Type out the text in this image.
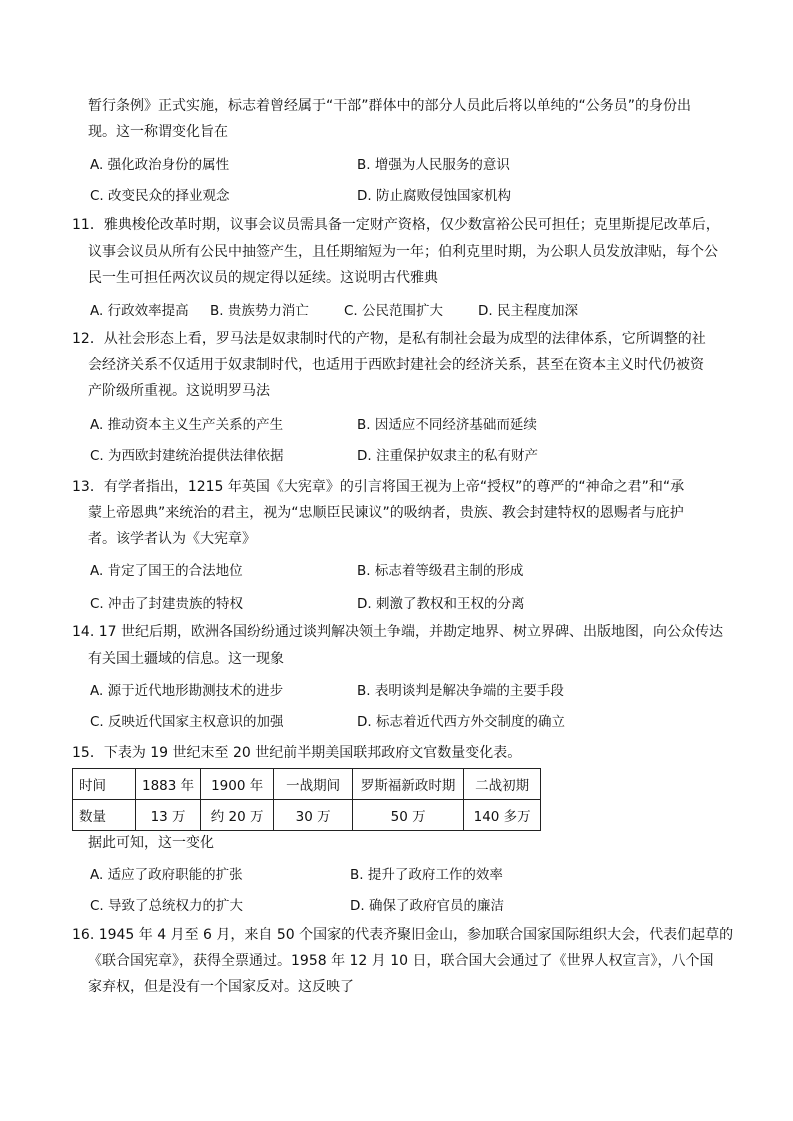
暂行条例》正式实施，标志着曾经属于“干部”群体中的部分人员此后将以单纯的“公务员”的身份出
现。这一称谓变化旨在
A. 强化政治身份的属性	B. 增强为人民服务的意识
C. 改变民众的择业观念	D. 防止腐败侵蚀国家机构
11．雅典梭伦改革时期，议事会议员需具备一定财产资格，仅少数富裕公民可担任；克里斯提尼改革后，
议事会议员从所有公民中抽签产生，且任期缩短为一年；伯利克里时期，为公职人员发放津贴，每个公
民一生可担任两次议员的规定得以延续。这说明古代雅典
A. 行政效率提高 B. 贵族势力消亡	C. 公民范围扩大	D. 民主程度加深
12．从社会形态上看，罗马法是奴隶制时代的产物，是私有制社会最为成型的法律体系，它所调整的社
会经济关系不仅适用于奴隶制时代，也适用于西欧封建社会的经济关系，甚至在资本主义时代仍被资
产阶级所重视。这说明罗马法
A. 推动资本主义生产关系的产生	B. 因适应不同经济基础而延续
C. 为西欧封建统治提供法律依据	D. 注重保护奴隶主的私有财产
13．有学者指出，1215 年英国《大宪章》的引言将国王视为上帝“授权”的尊严的“神命之君”和“承
蒙上帝恩典”来统治的君主，视为“忠顺臣民谏议”的吸纳者，贵族、教会封建特权的恩赐者与庇护
者。该学者认为《大宪章》
A. 肯定了国王的合法地位	B. 标志着等级君主制的形成
C. 冲击了封建贵族的特权	D. 刺激了教权和王权的分离
14. 17 世纪后期，欧洲各国纷纷通过谈判解决领土争端，并勘定地界、树立界碑、出版地图，向公众传达
有关国土疆域的信息。这一现象
A. 源于近代地形勘测技术的进步	B. 表明谈判是解决争端的主要手段
C. 反映近代国家主权意识的加强	D. 标志着近代西方外交制度的确立
15．下表为 19 世纪末至 20 世纪前半期美国联邦政府文官数量变化表。
时间	1883 年	1900 年	一战期间	罗斯福新政时期	二战初期
数量	13 万	约 20 万	30 万	50 万	140 多万
据此可知，这一变化
A. 适应了政府职能的扩张	B. 提升了政府工作的效率
C. 导致了总统权力的扩大	D. 确保了政府官员的廉洁
16. 1945 年 4 月至 6 月，来自 50 个国家的代表齐聚旧金山，参加联合国家国际组织大会，代表们起草的
《联合国宪章》，获得全票通过。1958 年 12 月 10 日，联合国大会通过了《世界人权宣言》，八个国
家弃权，但是没有一个国家反对。这反映了
